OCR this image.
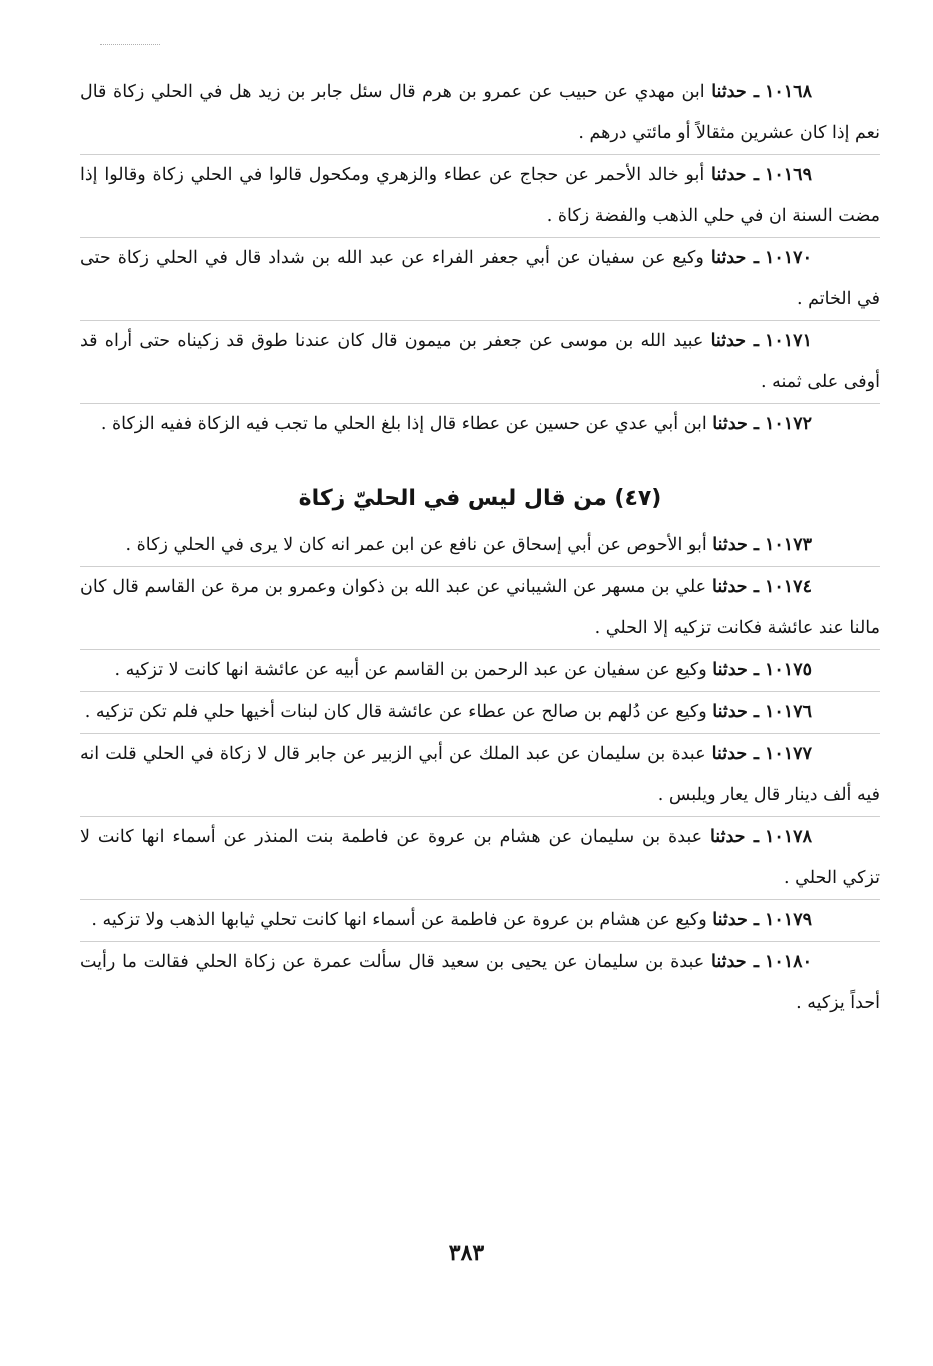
١٠١٦٨ـ حدثنا ابن مهدي عن حبيب عن عمرو بن هرم قال سئل جابر بن زيد هل في الحلي زكاة قال نعم إذا كان عشرين مثقالاً أو مائتي درهم .
١٠١٦٩ـ حدثنا أبو خالد الأحمر عن حجاج عن عطاء والزهري ومكحول قالوا في الحلي زكاة وقالوا إذا مضت السنة ان في حلي الذهب والفضة زكاة .
١٠١٧٠ـ حدثنا وكيع عن سفيان عن أبي جعفر الفراء عن عبد الله بن شداد قال في الحلي زكاة حتى في الخاتم .
١٠١٧١ـ حدثنا عبيد الله بن موسى عن جعفر بن ميمون قال كان عندنا طوق قد زكيناه حتى أراه قد أوفى على ثمنه .
١٠١٧٢ـ حدثنا ابن أبي عدي عن حسين عن عطاء قال إذا بلغ الحلي ما تجب فيه الزكاة ففيه الزكاة .
(٤٧) من قال ليس في الحليّ زكاة
١٠١٧٣ـ حدثنا أبو الأحوص عن أبي إسحاق عن نافع عن ابن عمر انه كان لا يرى في الحلي زكاة .
١٠١٧٤ـ حدثنا علي بن مسهر عن الشيباني عن عبد الله بن ذكوان وعمرو بن مرة عن القاسم قال كان مالنا عند عائشة فكانت تزكيه إلا الحلي .
١٠١٧٥ـ حدثنا وكيع عن سفيان عن عبد الرحمن بن القاسم عن أبيه عن عائشة انها كانت لا تزكيه .
١٠١٧٦ـ حدثنا وكيع عن دُلهم بن صالح عن عطاء عن عائشة قال كان لبنات أخيها حلي فلم تكن تزكيه .
١٠١٧٧ـ حدثنا عبدة بن سليمان عن عبد الملك عن أبي الزبير عن جابر قال لا زكاة في الحلي قلت انه فيه ألف دينار قال يعار ويلبس .
١٠١٧٨ـ حدثنا عبدة بن سليمان عن هشام بن عروة عن فاطمة بنت المنذر عن أسماء انها كانت لا تزكي الحلي .
١٠١٧٩ـ حدثنا وكيع عن هشام بن عروة عن فاطمة عن أسماء انها كانت تحلي ثيابها الذهب ولا تزكيه .
١٠١٨٠ـ حدثنا عبدة بن سليمان عن يحيى بن سعيد قال سألت عمرة عن زكاة الحلي فقالت ما رأيت أحداً يزكيه .
٣٨٣
